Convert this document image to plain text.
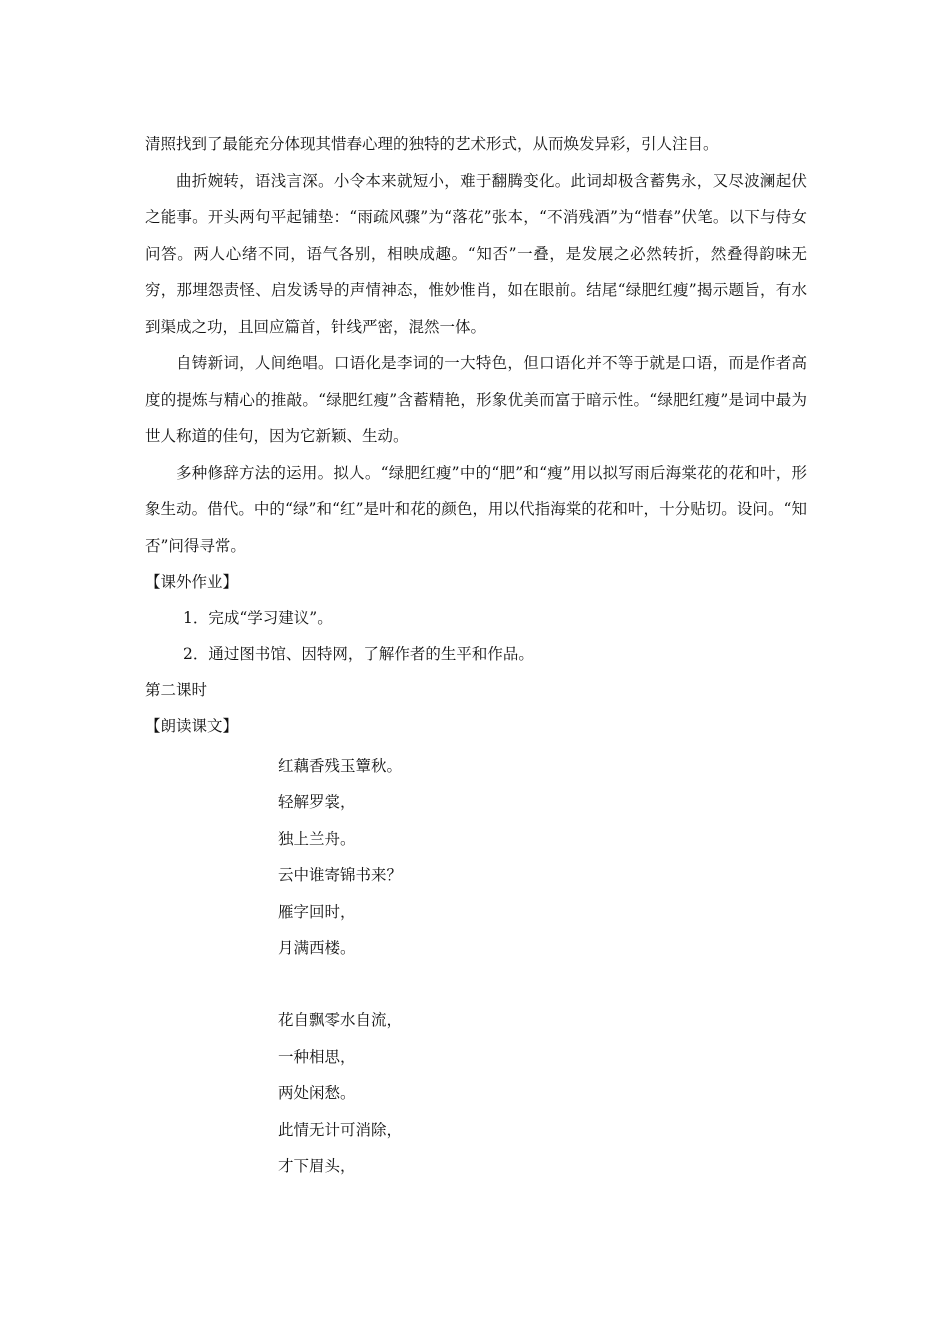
清照找到了最能充分体现其惜春心理的独特的艺术形式，从而焕发异彩，引人注目。

曲折婉转，语浅言深。小令本来就短小，难于翻腾变化。此词却极含蓄隽永，又尽波澜起伏之能事。开头两句平起铺垫：“雨疏风骤”为“落花”张本，“不消残酒”为“惜春”伏笔。以下与侍女问答。两人心绪不同，语气各别，相映成趣。“知否”一叠，是发展之必然转折，然叠得韵味无穷，那埋怨责怪、启发诱导的声情神态，惟妙惟肖，如在眼前。结尾“绿肥红瘦”揭示题旨，有水到渠成之功，且回应篇首，针线严密，混然一体。

自铸新词，人间绝唱。口语化是李词的一大特色，但口语化并不等于就是口语，而是作者高度的提炼与精心的推敲。“绿肥红瘦”含蓄精艳，形象优美而富于暗示性。“绿肥红瘦”是词中最为世人称道的佳句，因为它新颖、生动。

多种修辞方法的运用。拟人。“绿肥红瘦”中的“肥”和“瘦”用以拟写雨后海棠花的花和叶，形象生动。借代。中的“绿”和“红”是叶和花的颜色，用以代指海棠的花和叶，十分贴切。设问。“知否”问得寻常。

【课外作业】

1．完成“学习建议”。

2．通过图书馆、因特网，了解作者的生平和作品。

第二课时

【朗读课文】

红藕香残玉簟秋。

轻解罗裳，

独上兰舟。

云中谁寄锦书来？

雁字回时，

月满西楼。

花自飘零水自流，

一种相思，

两处闲愁。

此情无计可消除，

才下眉头，
